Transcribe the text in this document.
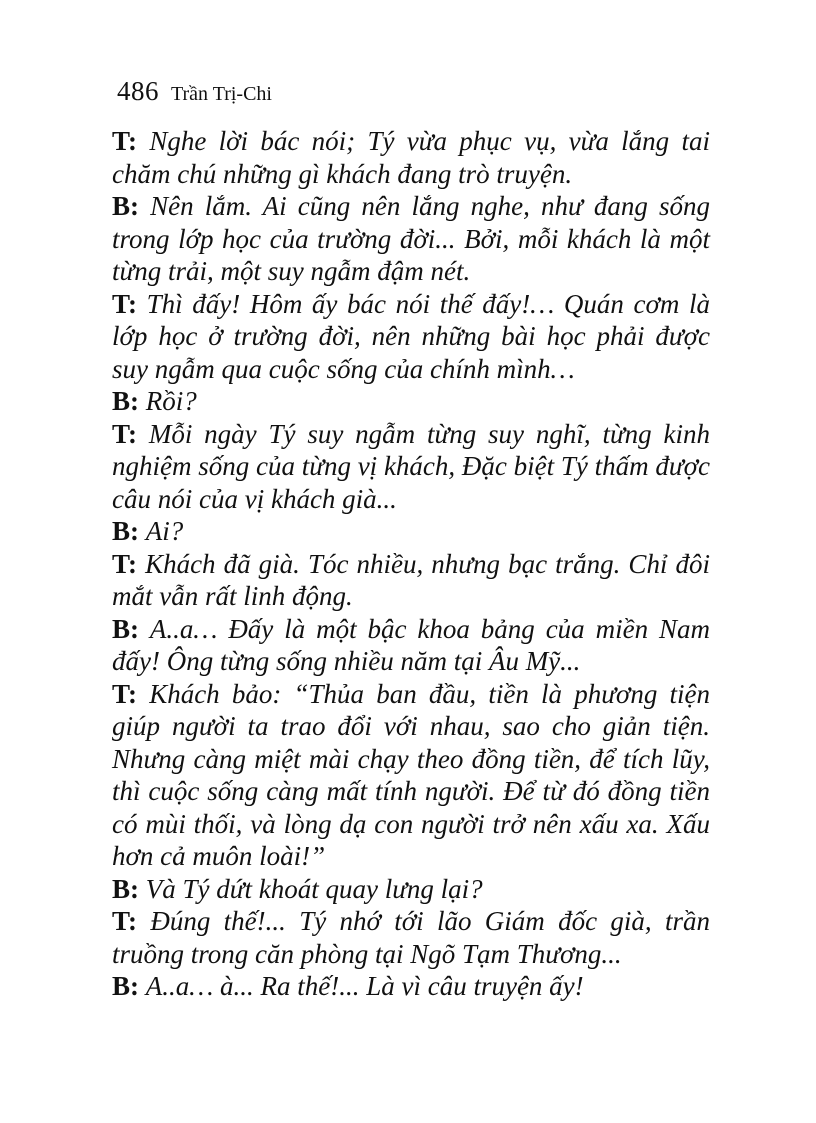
486 Trần Trị-Chi

T: Nghe lời bác nói; Tý vừa phục vụ, vừa lắng tai chăm chú những gì khách đang trò truyện.

B: Nên lắm. Ai cũng nên lắng nghe, như đang sống trong lớp học của trường đời... Bởi, mỗi khách là một từng trải, một suy ngẫm đậm nét.

T: Thì đấy! Hôm ấy bác nói thế đấy!… Quán cơm là lớp học ở trường đời, nên những bài học phải được suy ngẫm qua cuộc sống của chính mình…

B: Rồi?

T: Mỗi ngày Tý suy ngẫm từng suy nghĩ, từng kinh nghiệm sống của từng vị khách, Đặc biệt Tý thấm được câu nói của vị khách già...

B: Ai?

T: Khách đã già. Tóc nhiều, nhưng bạc trắng. Chỉ đôi mắt vẫn rất linh động.

B: A..a… Đấy là một bậc khoa bảng của miền Nam đấy! Ông từng sống nhiều năm tại Âu Mỹ...

T: Khách bảo: “Thủa ban đầu, tiền là phương tiện giúp người ta trao đổi với nhau, sao cho giản tiện. Nhưng càng miệt mài chạy theo đồng tiền, để tích lũy, thì cuộc sống càng mất tính người. Để từ đó đồng tiền có mùi thối, và lòng dạ con người trở nên xấu xa. Xấu hơn cả muôn loài!”

B: Và Tý dứt khoát quay lưng lại?

T: Đúng thế!... Tý nhớ tới lão Giám đốc già, trần truồng trong căn phòng tại Ngõ Tạm Thương...

B: A..a… à... Ra thế!... Là vì câu truyện ấy!
